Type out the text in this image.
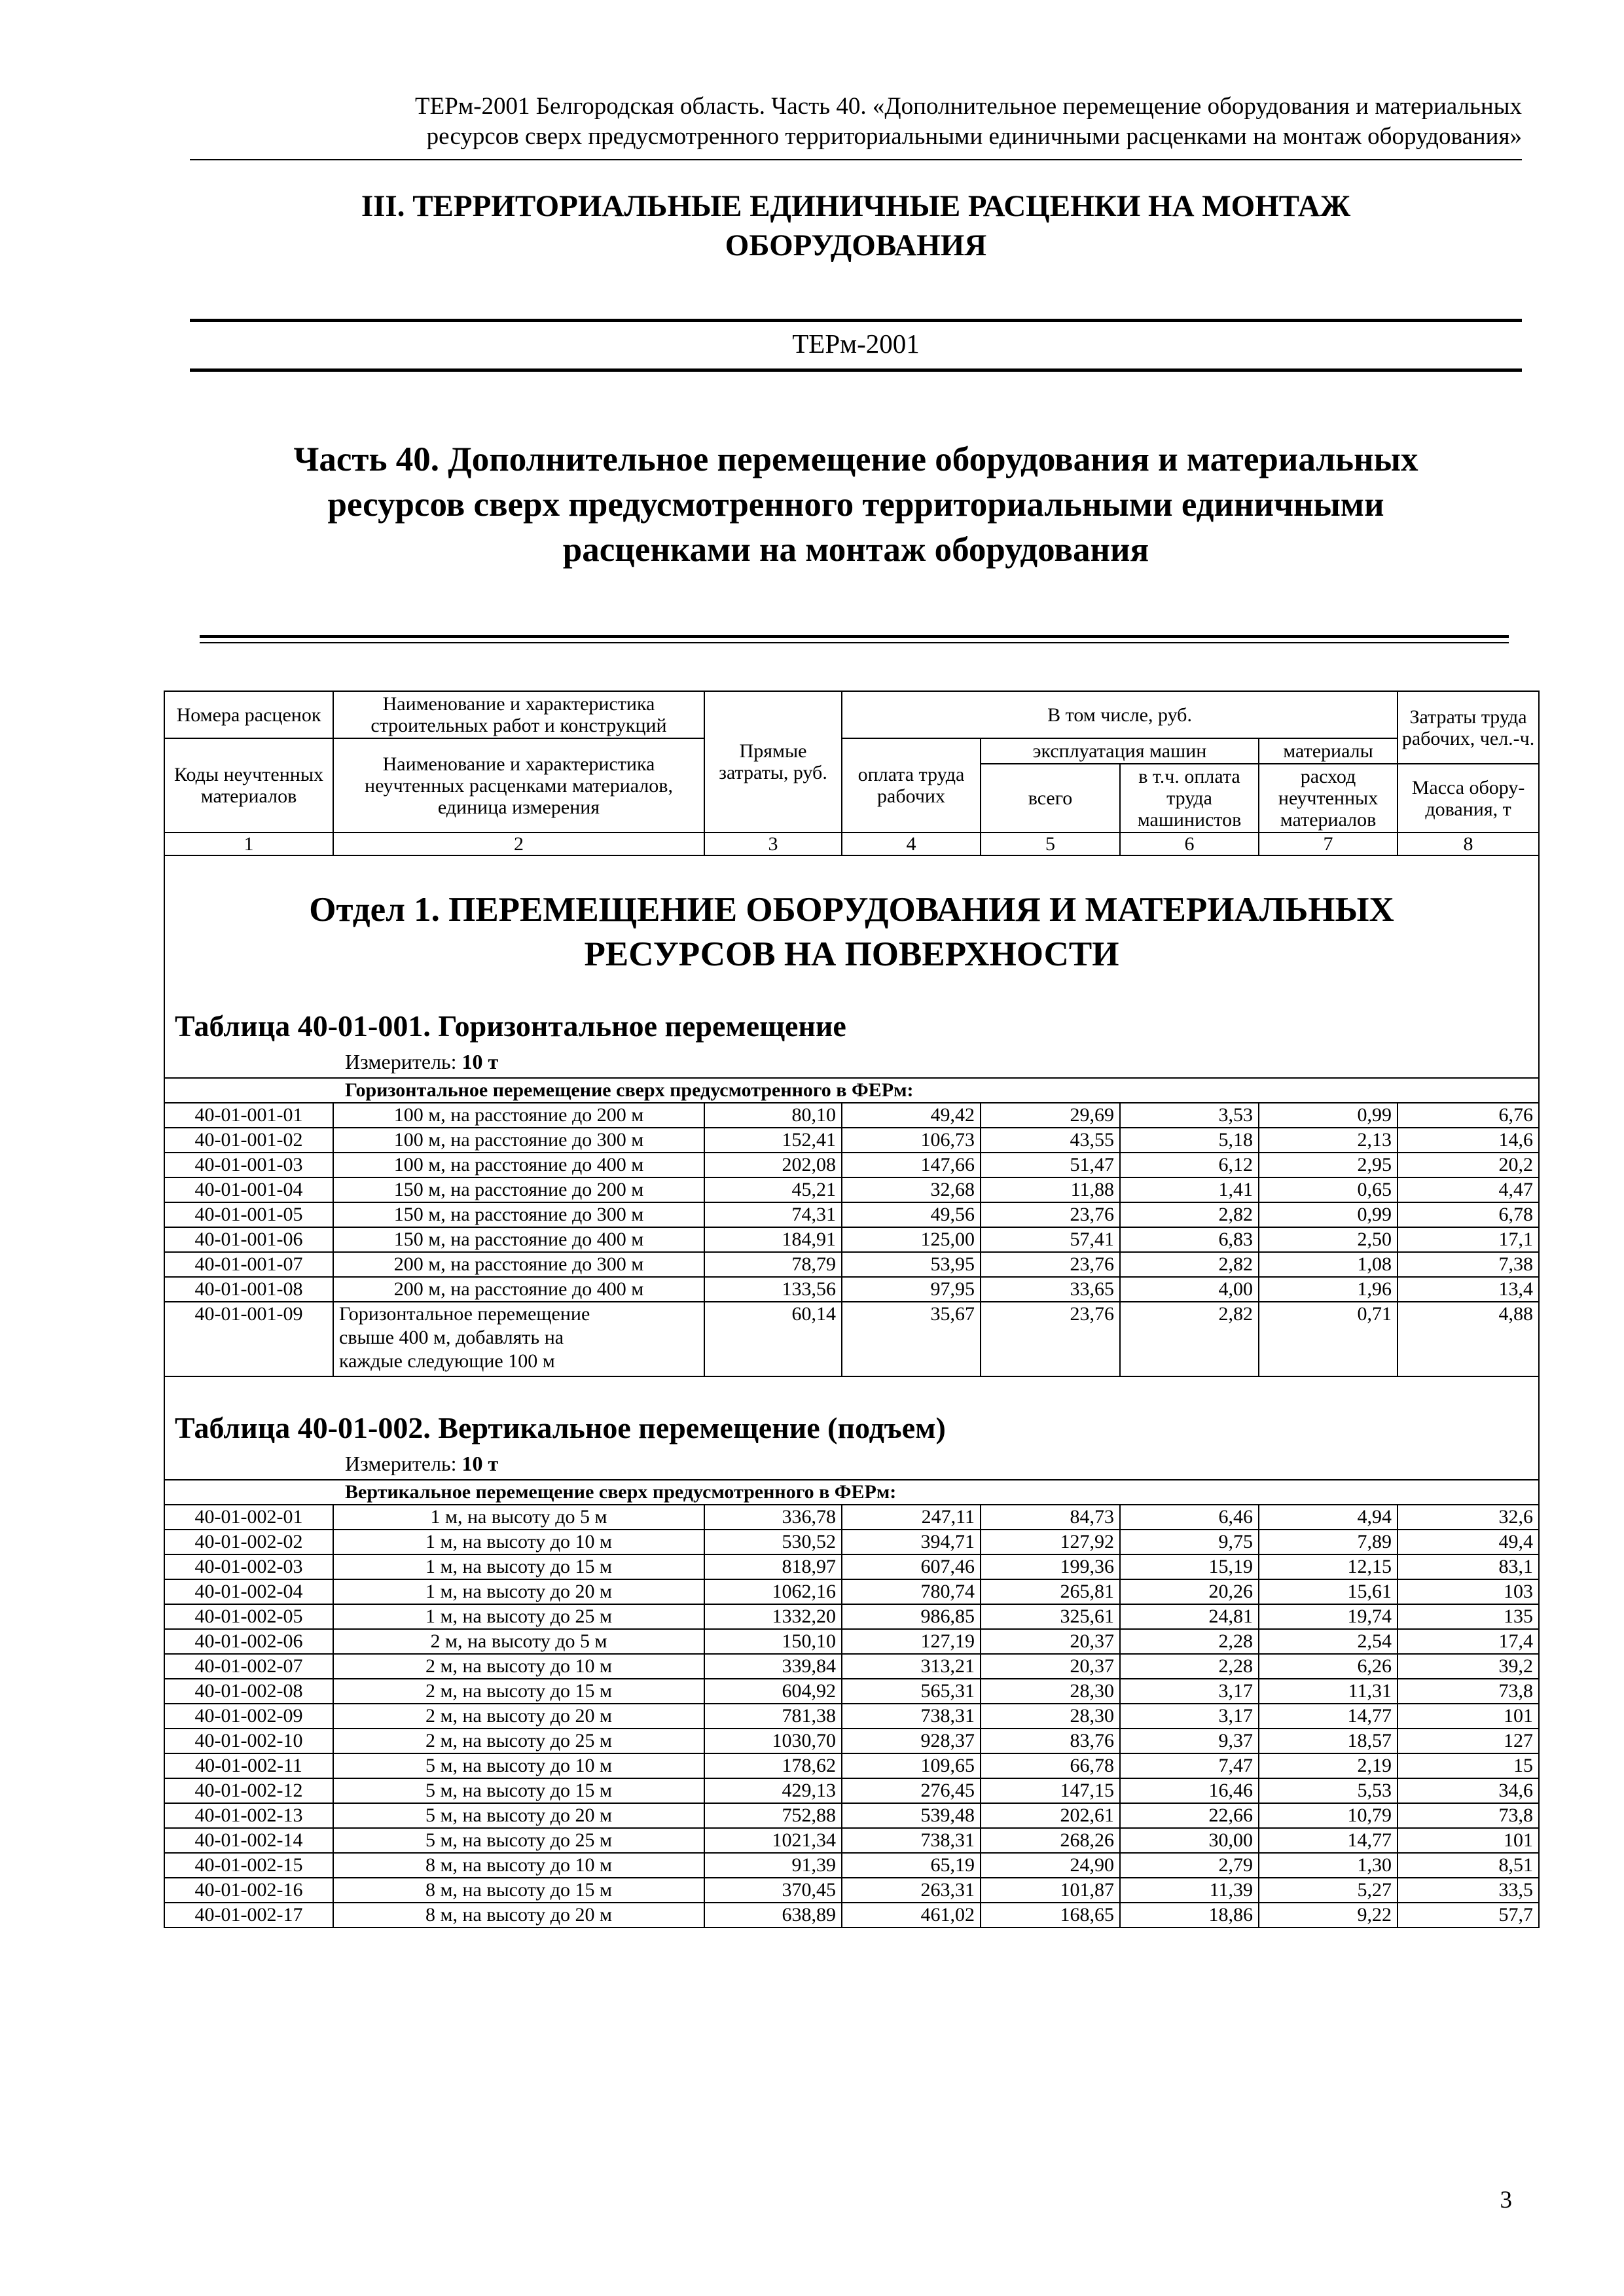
ТЕРм-2001 Белгородская область. Часть 40. «Дополнительное перемещение оборудования и материальных
ресурсов сверх предусмотренного территориальными единичными расценками на монтаж оборудования»
III. ТЕРРИТОРИАЛЬНЫЕ ЕДИНИЧНЫЕ РАСЦЕНКИ НА МОНТАЖ
ОБОРУДОВАНИЯ
ТЕРм-2001
Часть 40. Дополнительное перемещение оборудования и материальных
ресурсов сверх предусмотренного территориальными единичными
расценками на монтаж оборудования
Номера расценок	Наименование и характеристика строительных работ и конструкций	Прямые затраты, руб.	В том числе, руб.				Затраты труда рабочих, чел.-ч.
Коды неучтенных материалов	Наименование и характеристика неучтенных расценками материалов, единица измерения		оплата труда рабочих	эксплуатация машин		материалы	
				всего	в т.ч. оплата труда машинистов	расход неучтенных материалов	Масса обору-дования, т
1	2	3	4	5	6	7	8

Отдел 1. ПЕРЕМЕЩЕНИЕ ОБОРУДОВАНИЯ И МАТЕРИАЛЬНЫХ
РЕСУРСОВ НА ПОВЕРХНОСТИ
Таблица 40-01-001. Горизонтальное перемещение
Измеритель: 10 т							

Горизонтальное перемещение сверх предусмотренного в ФЕРм:							
40-01-001-01	100 м, на расстояние до 200 м	80,10	49,42	29,69	3,53	0,99	6,76
40-01-001-02	100 м, на расстояние до 300 м	152,41	106,73	43,55	5,18	2,13	14,6
40-01-001-03	100 м, на расстояние до 400 м	202,08	147,66	51,47	6,12	2,95	20,2
40-01-001-04	150 м, на расстояние до 200 м	45,21	32,68	11,88	1,41	0,65	4,47
40-01-001-05	150 м, на расстояние до 300 м	74,31	49,56	23,76	2,82	0,99	6,78
40-01-001-06	150 м, на расстояние до 400 м	184,91	125,00	57,41	6,83	2,50	17,1
40-01-001-07	200 м, на расстояние до 300 м	78,79	53,95	23,76	2,82	1,08	7,38
40-01-001-08	200 м, на расстояние до 400 м	133,56	97,95	33,65	4,00	1,96	13,4
40-01-001-09	Горизонтальное перемещение
свыше 400 м, добавлять на
каждые следующие 100 м	60,14	35,67	23,76	2,82	0,71	4,88

Таблица 40-01-002. Вертикальное перемещение (подъем)
Измеритель: 10 т							

Вертикальное перемещение сверх предусмотренного в ФЕРм:							
40-01-002-01	1 м, на высоту до 5 м	336,78	247,11	84,73	6,46	4,94	32,6
40-01-002-02	1 м, на высоту до 10 м	530,52	394,71	127,92	9,75	7,89	49,4
40-01-002-03	1 м, на высоту до 15 м	818,97	607,46	199,36	15,19	12,15	83,1
40-01-002-04	1 м, на высоту до 20 м	1062,16	780,74	265,81	20,26	15,61	103
40-01-002-05	1 м, на высоту до 25 м	1332,20	986,85	325,61	24,81	19,74	135
40-01-002-06	2 м, на высоту до 5 м	150,10	127,19	20,37	2,28	2,54	17,4
40-01-002-07	2 м, на высоту до 10 м	339,84	313,21	20,37	2,28	6,26	39,2
40-01-002-08	2 м, на высоту до 15 м	604,92	565,31	28,30	3,17	11,31	73,8
40-01-002-09	2 м, на высоту до 20 м	781,38	738,31	28,30	3,17	14,77	101
40-01-002-10	2 м, на высоту до 25 м	1030,70	928,37	83,76	9,37	18,57	127
40-01-002-11	5 м, на высоту до 10 м	178,62	109,65	66,78	7,47	2,19	15
40-01-002-12	5 м, на высоту до 15 м	429,13	276,45	147,15	16,46	5,53	34,6
40-01-002-13	5 м, на высоту до 20 м	752,88	539,48	202,61	22,66	10,79	73,8
40-01-002-14	5 м, на высоту до 25 м	1021,34	738,31	268,26	30,00	14,77	101
40-01-002-15	8 м, на высоту до 10 м	91,39	65,19	24,90	2,79	1,30	8,51
40-01-002-16	8 м, на высоту до 15 м	370,45	263,31	101,87	11,39	5,27	33,5
40-01-002-17	8 м, на высоту до 20 м	638,89	461,02	168,65	18,86	9,22	57,7
3
